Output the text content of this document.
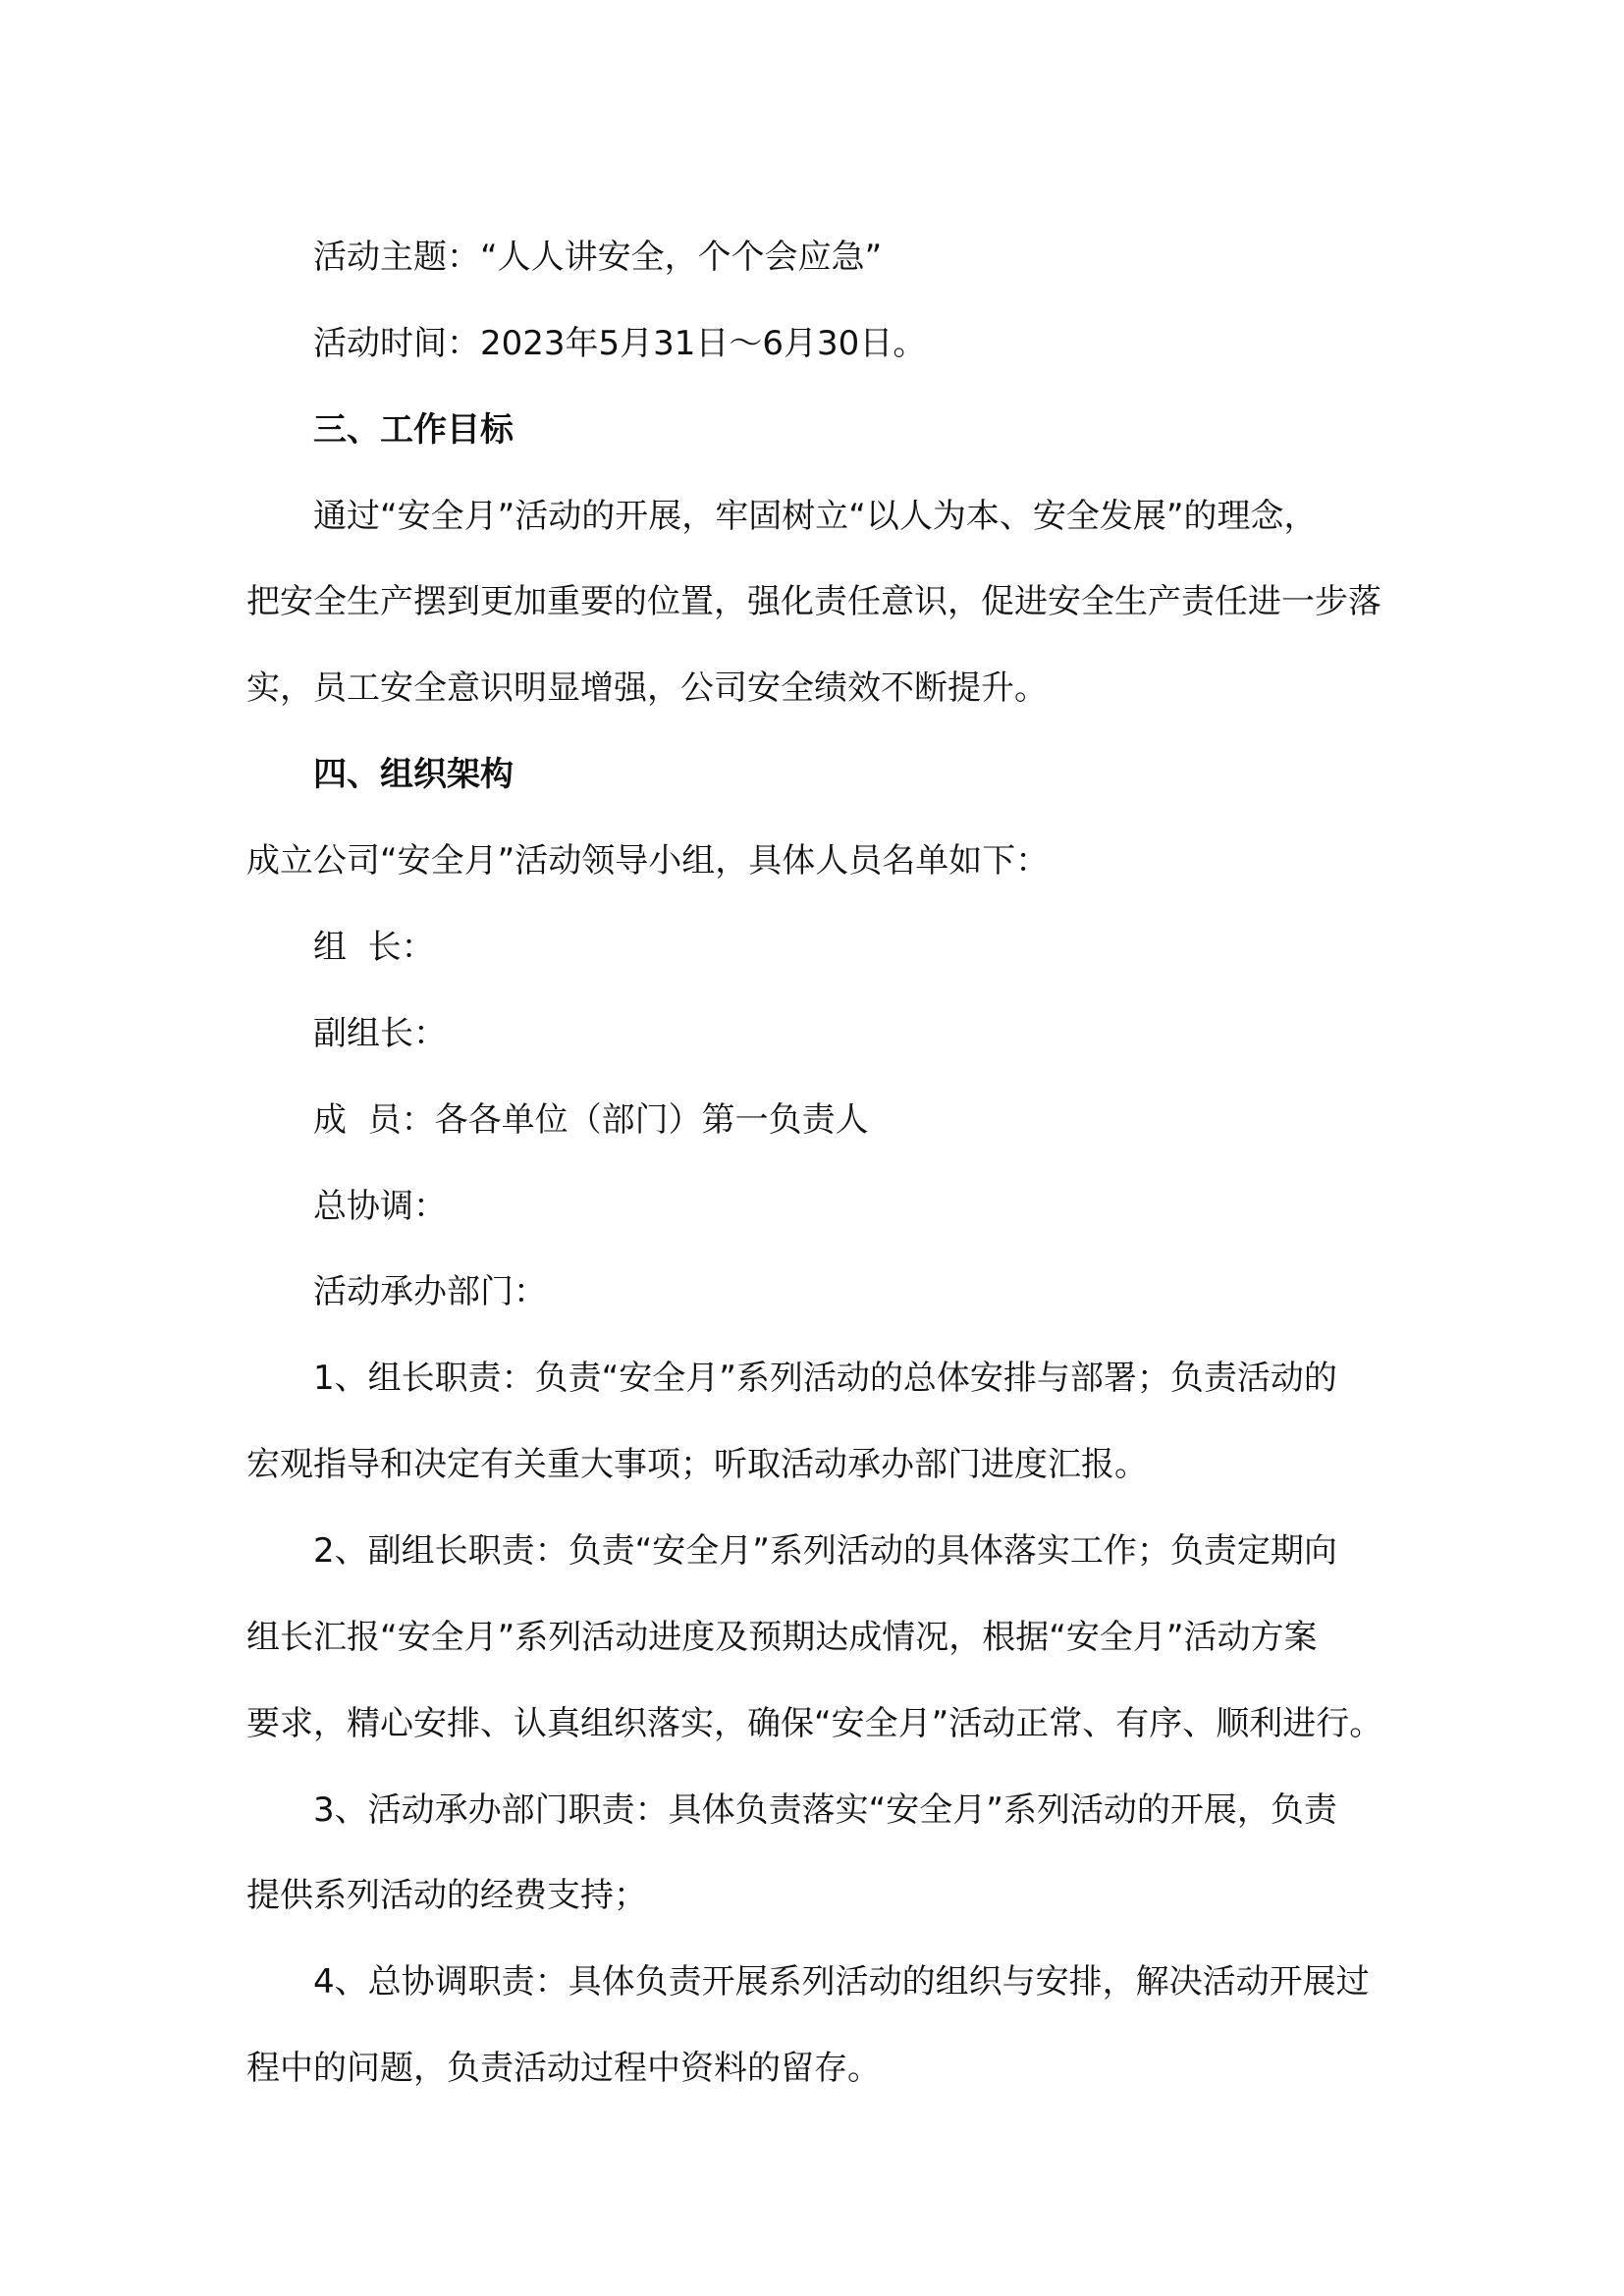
活动主题：“人人讲安全，个个会应急”
活动时间：2023年5月31日～6月30日。
三、工作目标
通过“安全月”活动的开展，牢固树立“以人为本、安全发展”的理念，
把安全生产摆到更加重要的位置，强化责任意识，促进安全生产责任进一步落
实，员工安全意识明显增强，公司安全绩效不断提升。
四、组织架构
成立公司“安全月”活动领导小组，具体人员名单如下：
组  长：
副组长：
成  员：各各单位（部门）第一负责人
总协调：
活动承办部门：
1、组长职责：负责“安全月”系列活动的总体安排与部署；负责活动的
宏观指导和决定有关重大事项；听取活动承办部门进度汇报。
2、副组长职责：负责“安全月”系列活动的具体落实工作；负责定期向
组长汇报“安全月”系列活动进度及预期达成情况，根据“安全月”活动方案
要求，精心安排、认真组织落实，确保“安全月”活动正常、有序、顺利进行。
3、活动承办部门职责：具体负责落实“安全月”系列活动的开展，负责
提供系列活动的经费支持；
4、总协调职责：具体负责开展系列活动的组织与安排，解决活动开展过
程中的问题，负责活动过程中资料的留存。
